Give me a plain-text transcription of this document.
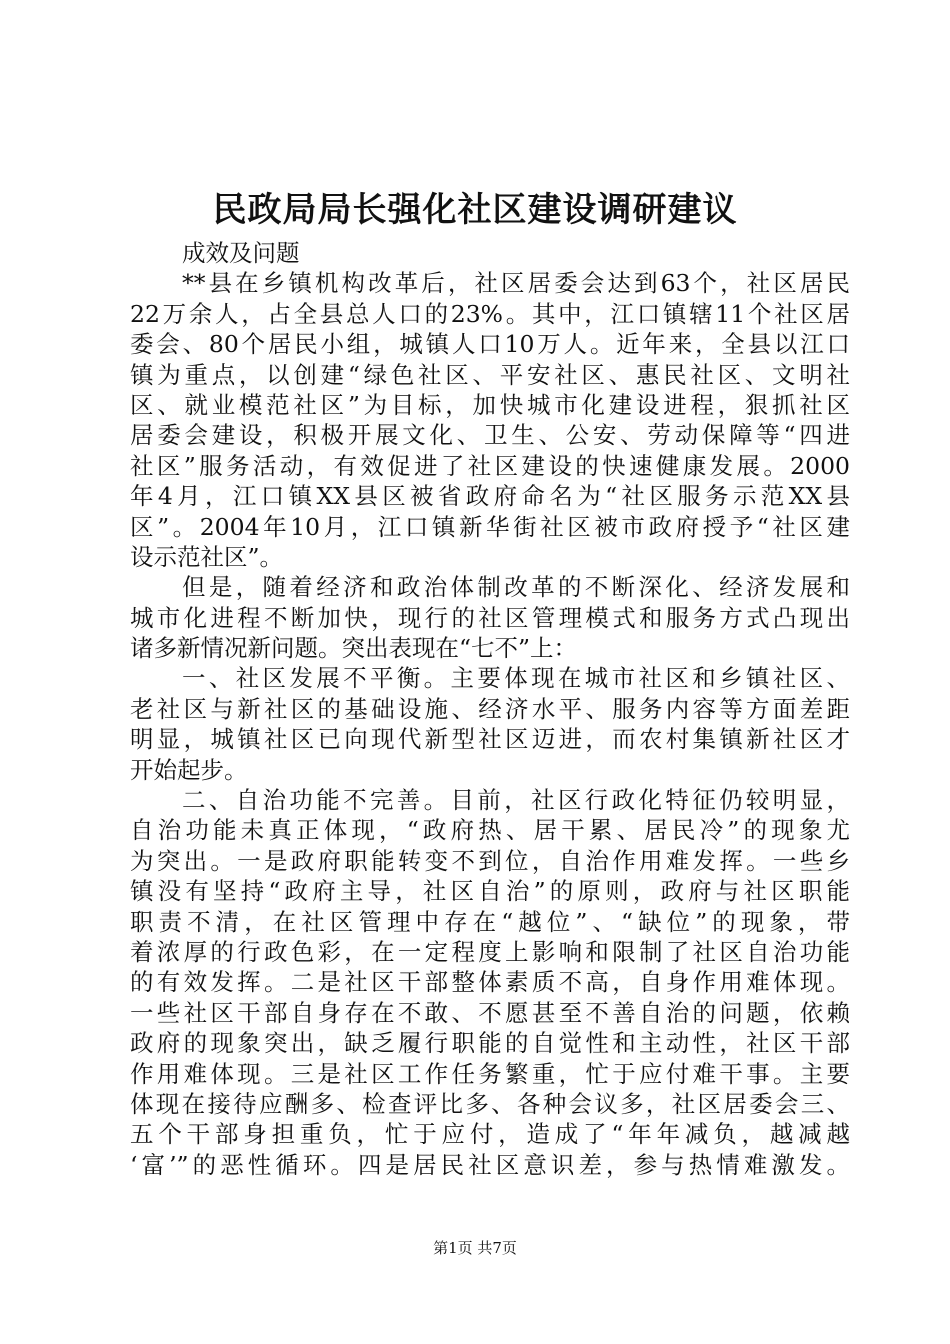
民政局局长强化社区建设调研建议
成效及问题
**县在乡镇机构改革后，社区居委会达到63个，社区居民
22万余人，占全县总人口的23%。其中，江口镇辖11个社区居
委会、80个居民小组，城镇人口10万人。近年来，全县以江口
镇为重点，以创建“绿色社区、平安社区、惠民社区、文明社
区、就业模范社区”为目标，加快城市化建设进程，狠抓社区
居委会建设，积极开展文化、卫生、公安、劳动保障等“四进
社区”服务活动，有效促进了社区建设的快速健康发展。2000
年4月，江口镇XX县区被省政府命名为“社区服务示范XX县
区”。2004年10月，江口镇新华街社区被市政府授予“社区建
设示范社区”。
但是，随着经济和政治体制改革的不断深化、经济发展和
城市化进程不断加快，现行的社区管理模式和服务方式凸现出
诸多新情况新问题。突出表现在“七不”上：
一、社区发展不平衡。主要体现在城市社区和乡镇社区、
老社区与新社区的基础设施、经济水平、服务内容等方面差距
明显，城镇社区已向现代新型社区迈进，而农村集镇新社区才
开始起步。
二、自治功能不完善。目前，社区行政化特征仍较明显，
自治功能未真正体现，“政府热、居干累、居民冷”的现象尤
为突出。一是政府职能转变不到位，自治作用难发挥。一些乡
镇没有坚持“政府主导，社区自治”的原则，政府与社区职能
职责不清，在社区管理中存在“越位”、“缺位”的现象，带
着浓厚的行政色彩，在一定程度上影响和限制了社区自治功能
的有效发挥。二是社区干部整体素质不高，自身作用难体现。
一些社区干部自身存在不敢、不愿甚至不善自治的问题，依赖
政府的现象突出，缺乏履行职能的自觉性和主动性，社区干部
作用难体现。三是社区工作任务繁重，忙于应付难干事。主要
体现在接待应酬多、检查评比多、各种会议多，社区居委会三、
五个干部身担重负，忙于应付，造成了“年年减负，越减越
‘富’”的恶性循环。四是居民社区意识差，参与热情难激发。
第1页 共7页
